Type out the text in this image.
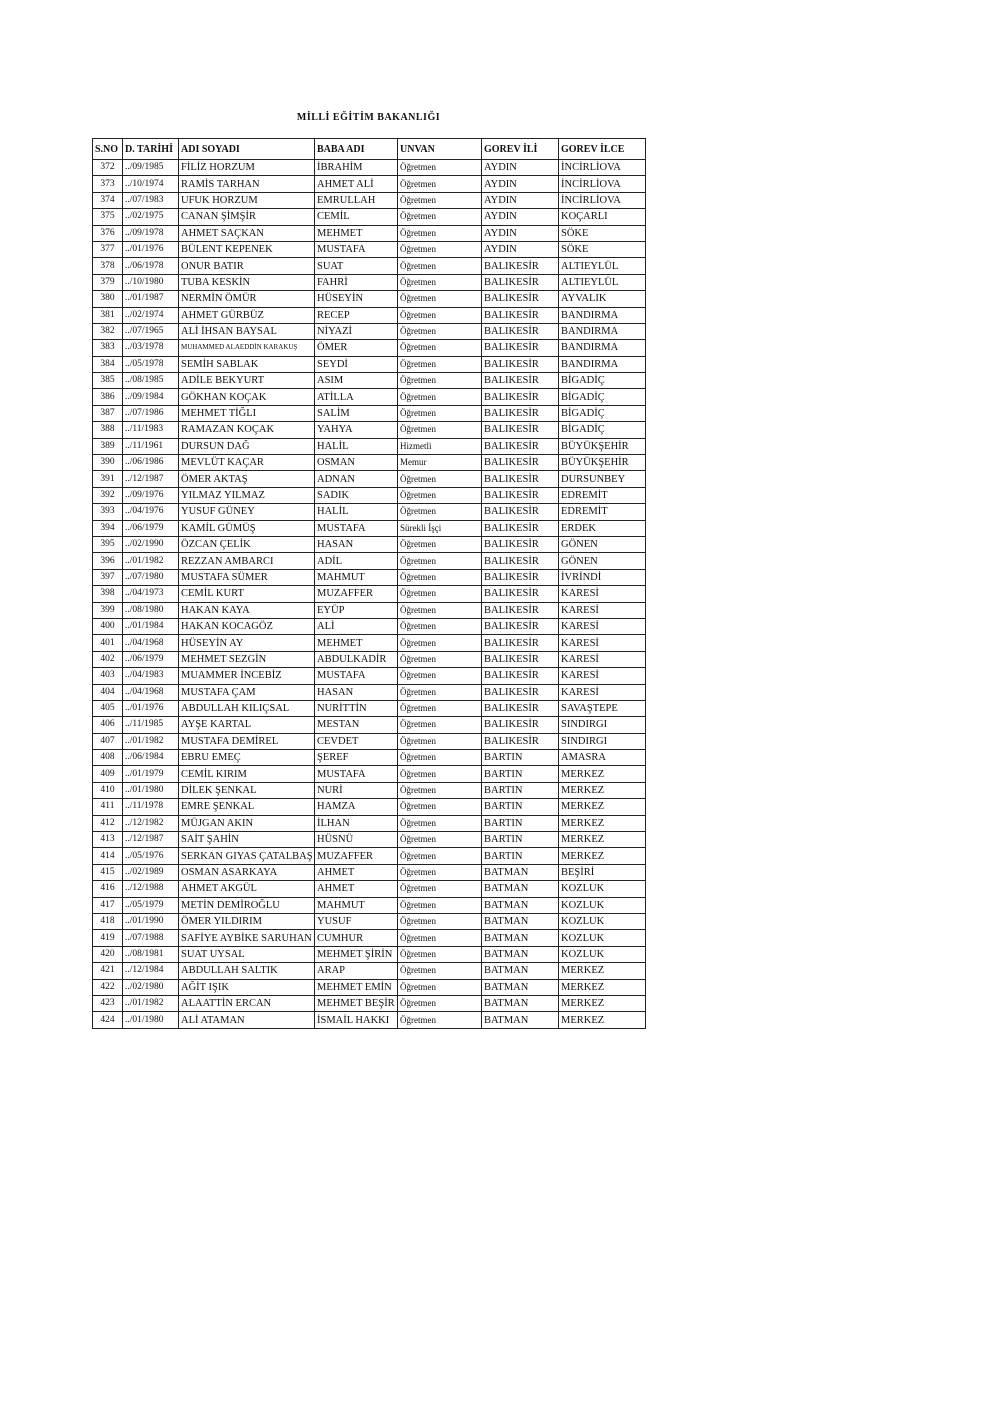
MİLLİ EĞİTİM BAKANLIĞI
S.NO	D. TARİHİ	ADI SOYADI	BABA ADI	UNVAN	GOREV İLİ	GOREV İLCE
372	../09/1985	FİLİZ HORZUM	İBRAHİM	Öğretmen	AYDIN	İNCİRLİOVA
373	../10/1974	RAMİS TARHAN	AHMET ALİ	Öğretmen	AYDIN	İNCİRLİOVA
374	../07/1983	UFUK HORZUM	EMRULLAH	Öğretmen	AYDIN	İNCİRLİOVA
375	../02/1975	CANAN ŞİMŞİR	CEMİL	Öğretmen	AYDIN	KOÇARLI
376	../09/1978	AHMET SAÇKAN	MEHMET	Öğretmen	AYDIN	SÖKE
377	../01/1976	BÜLENT KEPENEK	MUSTAFA	Öğretmen	AYDIN	SÖKE
378	../06/1978	ONUR BATIR	SUAT	Öğretmen	BALIKESİR	ALTIEYLÜL
379	../10/1980	TUBA KESKİN	FAHRİ	Öğretmen	BALIKESİR	ALTIEYLÜL
380	../01/1987	NERMİN ÖMÜR	HÜSEYİN	Öğretmen	BALIKESİR	AYVALIK
381	../02/1974	AHMET GÜRBÜZ	RECEP	Öğretmen	BALIKESİR	BANDIRMA
382	../07/1965	ALİ İHSAN BAYSAL	NİYAZİ	Öğretmen	BALIKESİR	BANDIRMA
383	../03/1978	MUHAMMED ALAEDDİN KARAKUŞ	ÖMER	Öğretmen	BALIKESİR	BANDIRMA
384	../05/1978	SEMİH SABLAK	SEYDİ	Öğretmen	BALIKESİR	BANDIRMA
385	../08/1985	ADİLE BEKYURT	ASIM	Öğretmen	BALIKESİR	BİGADİÇ
386	../09/1984	GÖKHAN KOÇAK	ATİLLA	Öğretmen	BALIKESİR	BİGADİÇ
387	../07/1986	MEHMET TİĞLI	SALİM	Öğretmen	BALIKESİR	BİGADİÇ
388	../11/1983	RAMAZAN KOÇAK	YAHYA	Öğretmen	BALIKESİR	BİGADİÇ
389	../11/1961	DURSUN DAĞ	HALİL	Hizmetli	BALIKESİR	BÜYÜKŞEHİR
390	../06/1986	MEVLÜT KAÇAR	OSMAN	Memur	BALIKESİR	BÜYÜKŞEHİR
391	../12/1987	ÖMER AKTAŞ	ADNAN	Öğretmen	BALIKESİR	DURSUNBEY
392	../09/1976	YILMAZ YILMAZ	SADIK	Öğretmen	BALIKESİR	EDREMİT
393	../04/1976	YUSUF GÜNEY	HALİL	Öğretmen	BALIKESİR	EDREMİT
394	../06/1979	KAMİL GÜMÜŞ	MUSTAFA	Sürekli İşçi	BALIKESİR	ERDEK
395	../02/1990	ÖZCAN ÇELİK	HASAN	Öğretmen	BALIKESİR	GÖNEN
396	../01/1982	REZZAN AMBARCI	ADİL	Öğretmen	BALIKESİR	GÖNEN
397	../07/1980	MUSTAFA SÜMER	MAHMUT	Öğretmen	BALIKESİR	İVRİNDİ
398	../04/1973	CEMİL KURT	MUZAFFER	Öğretmen	BALIKESİR	KARESİ
399	../08/1980	HAKAN KAYA	EYÜP	Öğretmen	BALIKESİR	KARESİ
400	../01/1984	HAKAN KOCAGÖZ	ALİ	Öğretmen	BALIKESİR	KARESİ
401	../04/1968	HÜSEYİN AY	MEHMET	Öğretmen	BALIKESİR	KARESİ
402	../06/1979	MEHMET SEZGİN	ABDULKADİR	Öğretmen	BALIKESİR	KARESİ
403	../04/1983	MUAMMER İNCEBİZ	MUSTAFA	Öğretmen	BALIKESİR	KARESİ
404	../04/1968	MUSTAFA ÇAM	HASAN	Öğretmen	BALIKESİR	KARESİ
405	../01/1976	ABDULLAH KILIÇSAL	NURİTTİN	Öğretmen	BALIKESİR	SAVAŞTEPE
406	../11/1985	AYŞE KARTAL	MESTAN	Öğretmen	BALIKESİR	SINDIRGI
407	../01/1982	MUSTAFA DEMİREL	CEVDET	Öğretmen	BALIKESİR	SINDIRGI
408	../06/1984	EBRU EMEÇ	ŞEREF	Öğretmen	BARTIN	AMASRA
409	../01/1979	CEMİL KIRIM	MUSTAFA	Öğretmen	BARTIN	MERKEZ
410	../01/1980	DİLEK ŞENKAL	NURİ	Öğretmen	BARTIN	MERKEZ
411	../11/1978	EMRE ŞENKAL	HAMZA	Öğretmen	BARTIN	MERKEZ
412	../12/1982	MÜJGAN AKIN	İLHAN	Öğretmen	BARTIN	MERKEZ
413	../12/1987	SAİT ŞAHİN	HÜSNÜ	Öğretmen	BARTIN	MERKEZ
414	../05/1976	SERKAN GIYAS ÇATALBAŞ	MUZAFFER	Öğretmen	BARTIN	MERKEZ
415	../02/1989	OSMAN ASARKAYA	AHMET	Öğretmen	BATMAN	BEŞİRİ
416	../12/1988	AHMET AKGÜL	AHMET	Öğretmen	BATMAN	KOZLUK
417	../05/1979	METİN DEMİROĞLU	MAHMUT	Öğretmen	BATMAN	KOZLUK
418	../01/1990	ÖMER YILDIRIM	YUSUF	Öğretmen	BATMAN	KOZLUK
419	../07/1988	SAFİYE AYBİKE SARUHAN	CUMHUR	Öğretmen	BATMAN	KOZLUK
420	../08/1981	SUAT UYSAL	MEHMET ŞİRİN	Öğretmen	BATMAN	KOZLUK
421	../12/1984	ABDULLAH SALTIK	ARAP	Öğretmen	BATMAN	MERKEZ
422	../02/1980	AĞİT IŞIK	MEHMET EMİN	Öğretmen	BATMAN	MERKEZ
423	../01/1982	ALAATTİN ERCAN	MEHMET BEŞİR	Öğretmen	BATMAN	MERKEZ
424	../01/1980	ALİ ATAMAN	İSMAİL HAKKI	Öğretmen	BATMAN	MERKEZ
